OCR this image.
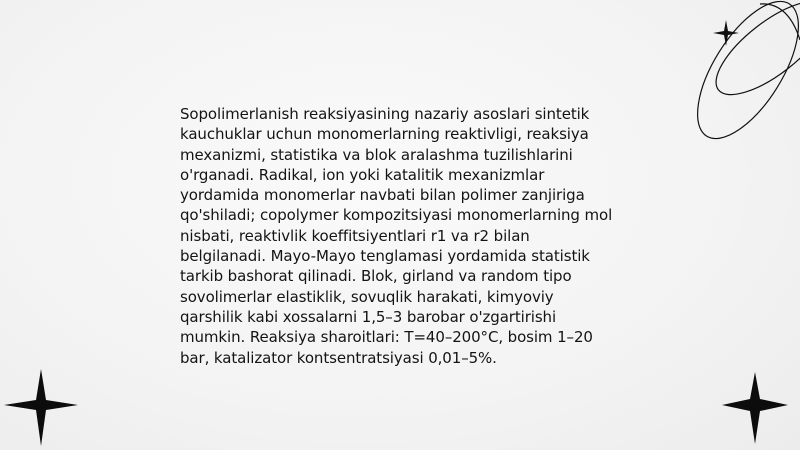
Sopolimerlanish reaksiyasining nazariy asoslari sintetik kauchuklar uchun monomerlarning reaktivligi, reaksiya mexanizmi, statistika va blok aralashma tuzilishlarini o'rganadi. Radikal, ion yoki katalitik mexanizmlar yordamida monomerlar navbati bilan polimer zanjiriga qo'shiladi; copolymer kompozitsiyasi monomerlarning mol nisbati, reaktivlik koeffitsiyentlari r1 va r2 bilan belgilanadi. Mayo-Mayo tenglamasi yordamida statistik tarkib bashorat qilinadi. Blok, girland va random tipo sovolimerlar elastiklik, sovuqlik harakati, kimyoviy qarshilik kabi xossalarni 1,5–3 barobar o'zgartirishi mumkin. Reaksiya sharoitlari: T=40–200°C, bosim 1–20 bar, katalizator kontsentratsiyasi 0,01–5%.
